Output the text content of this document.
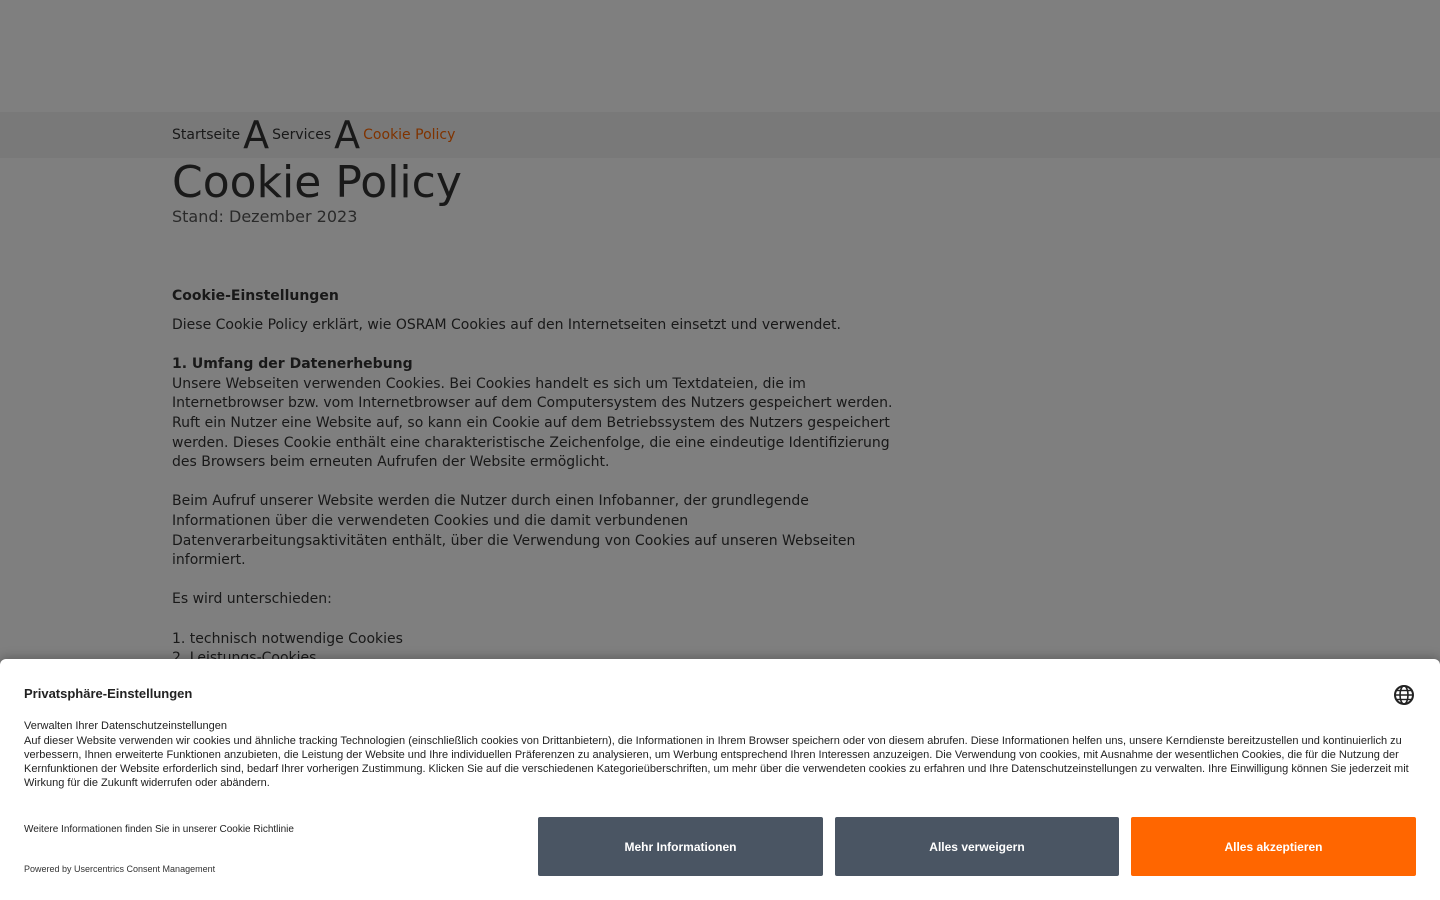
Privatsphäre-Einstellungen
Verwalten Ihrer Datenschutzeinstellungen

Auf dieser Website verwenden wir cookies und ähnliche tracking Technologien (einschließlich cookies von Drittanbietern), die Informationen in Ihrem Browser speichern oder von diesem abrufen. Diese Informationen helfen uns, unsere Kerndienste bereitzustellen und kontinuierlich zu verbessern, Ihnen erweiterte Funktionen anzubieten, die Leistung der Website und Ihre individuellen Präferenzen zu analysieren, um Werbung entsprechend Ihren Interessen anzuzeigen. Die Verwendung von cookies, mit Ausnahme der wesentlichen Cookies, die für die Nutzung der Kernfunktionen der Website erforderlich sind, bedarf Ihrer vorherigen Zustimmung. Klicken Sie auf die verschiedenen Kategorieüberschriften, um mehr über die verwendeten cookies zu erfahren und Ihre Datenschutzeinstellungen zu verwalten. Ihre Einwilligung können Sie jederzeit mit Wirkung für die Zukunft widerrufen oder abändern.

Weitere Informationen finden Sie in unserer Cookie Richtlinie
Powered by Usercentrics Consent Management
Mehr Informationen	Alles verweigern	Alles akzeptieren
